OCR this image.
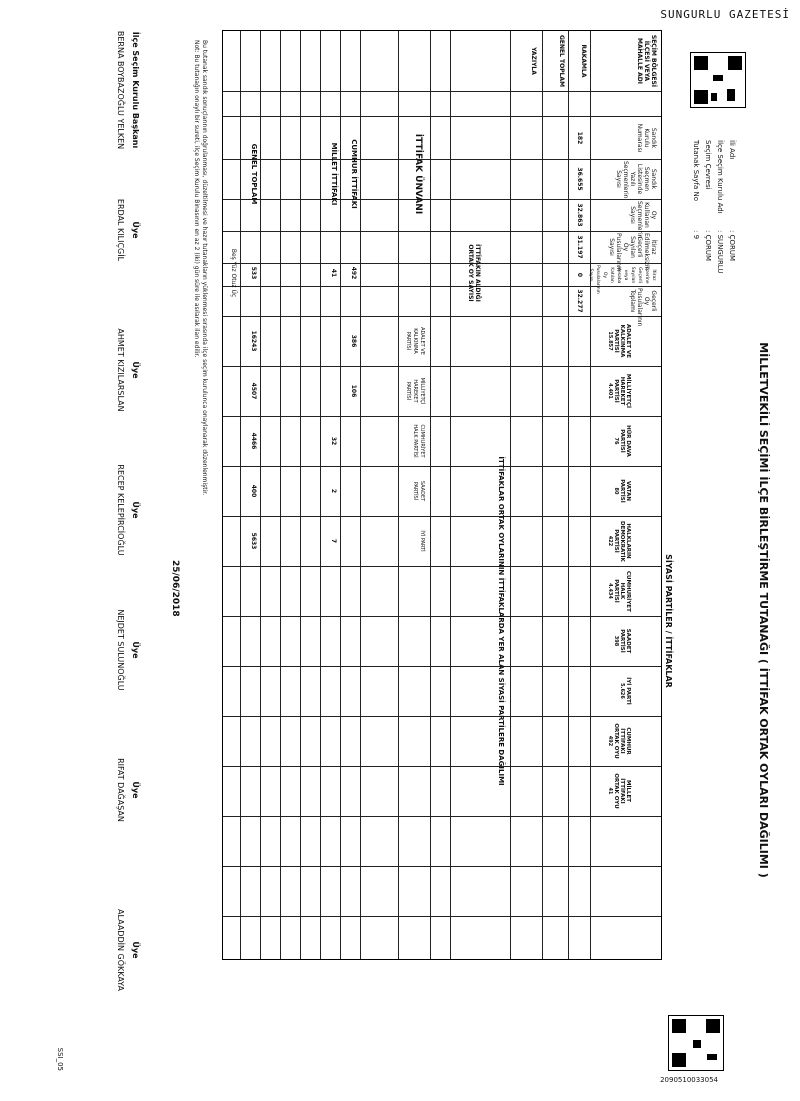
SUNGURLU GAZETESİ
MİLLETVEKİLİ SEÇİMİ İLÇE BİRLEŞTİRME TUTANAĞI ( İTTİFAK ORTAK OYLARI DAĞILIMI )
İli Adı: ÇORUM
İlçe Seçim Kurulu Adı: SUNGURLU
Seçim Çevresi: ÇORUM
Tutanak Sayfa No: 9
2090510033054
SSI_05
SEÇİM BÖLGESİ İLÇESİ VEYA MAHALLE ADI
GENEL TOPLAM	RAKAMLA
YAZIYLA
Sandık Kurulu Numarası
Sandık Seçmen Listesinde Yazılı Seçmenlerin Sayısı
Oy Kullanan Seçmenlerin Sayısı
İtiraz Edilmeksizin Geçerli Sayılan Oy Pusulalarının Sayısı
İtiraz Üzerine Geçerli Sayılan veya Hesaba Katılan Oy Pusulalarının Sayısı
Geçerli Oy Pusulalarının Toplamı
182
36.655
32.863
31.197
0
32.277
SİYASİ PARTİLER / İTTİFAKLAR
ADALET VE KALKINMA PARTİSİ
15.857
MİLLİYETÇİ HAREKET PARTİSİ
4.401
HÜR DAVA PARTİSİ
76
VATAN PARTİSİ
80
HALKLARIN DEMOKRATİK PARTİSİ
422
CUMHURİYET HALK PARTİSİ
4.434
SAADET PARTİSİ
398
İYİ PARTİ
5.626
CUMHUR İTTİFAKI ORTAK OYU
492
MİLLET İTTİFAKI ORTAK OYU
41
İTTİFAKLAR ORTAK OYLARININ İTTİFAKLARDA YER ALAN SİYASİ PARTİLERE DAĞILIMI
İTTİFAK ÜNVANI
İTTİFAKIN ALDIĞI ORTAK OY SAYISI
CUMHUR İTTİFAKI
492
ADALET VE KALKINMA PARTİSİ
386
MİLLİYETÇİ HAREKET PARTİSİ
106
MİLLET İTTİFAKI
41
CUMHURİYET HALK PARTİSİ
32
SAADET PARTİSİ
2
İYİ PARTİ
7
GENEL TOPLAM
533
16243
4507
4466
400
5633
Beş Yüz Otuz Üç
Bu tutanak sandık sonuçlarının doğrulanması, düzeltilmesi ve hazır tutanakların yüklenmesi sırasında ilçe seçim kurulunca onaylanarak düzenlenmiştir.
Not: Bu tutanağın onaylı bir sureti, ilçe Seçim Kurulu Binasının en az 2 (iki) gün süre ile asılarak ilan edilir.
25/06/2018
İlçe Seçim Kurulu Başkanı
BERNA BOYBAZOĞLU YELKEN
Üye
ERDAL KILIÇGİL
Üye
AHMET KIZILARSLAN
Üye
RECEP KELEPİRCİOĞLU
Üye
NEJDET SULUNOĞLU
Üye
RIFAT DAĞAŞAN
Üye
ALAADDİN GÖKKAYA
